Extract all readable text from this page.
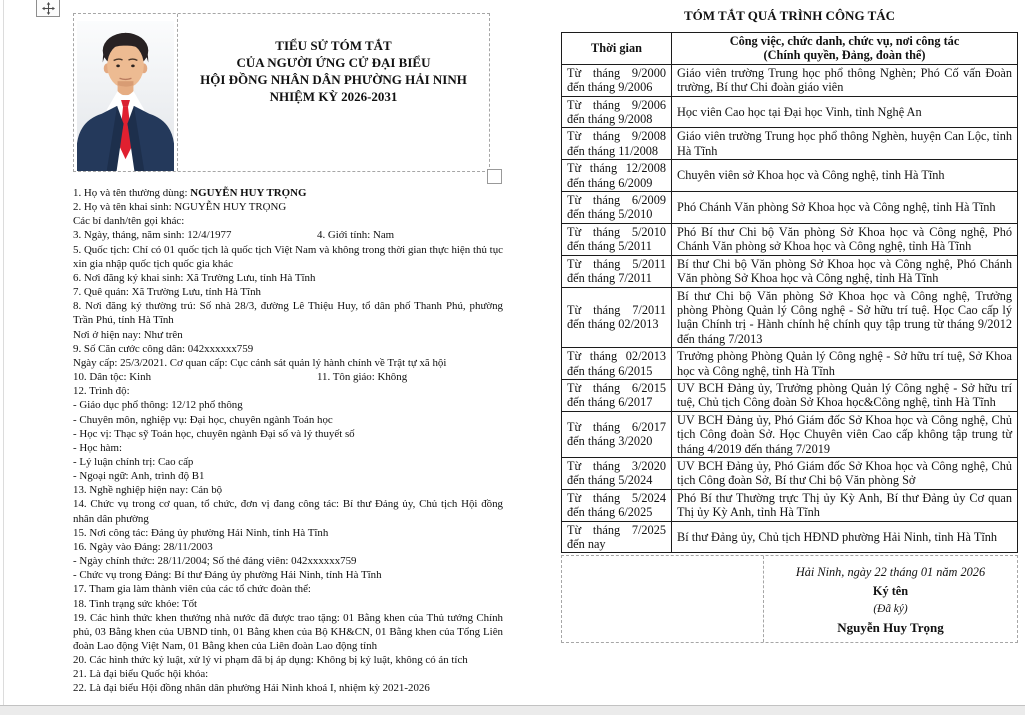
TIỂU SỬ TÓM TẮT
CỦA NGƯỜI ỨNG CỬ ĐẠI BIỂU
HỘI ĐỒNG NHÂN DÂN PHƯỜNG HẢI NINH
NHIỆM KỲ 2026-2031
1. Họ và tên thường dùng: NGUYỄN HUY TRỌNG
2. Họ và tên khai sinh: NGUYỄN HUY TRỌNG
Các bí danh/tên gọi khác:
3. Ngày, tháng, năm sinh: 12/4/1977	4. Giới tính: Nam
5. Quốc tịch: Chỉ có 01 quốc tịch là quốc tịch Việt Nam và không trong thời gian thực hiện thủ tục xin gia nhập quốc tịch quốc gia khác
6. Nơi đăng ký khai sinh: Xã Trường Lưu, tỉnh Hà Tĩnh
7. Quê quán: Xã Trường Lưu, tỉnh Hà Tĩnh
8. Nơi đăng ký thường trú: Số nhà 28/3, đường Lê Thiệu Huy, tổ dân phố Thanh Phú, phường Trần Phú, tỉnh Hà Tĩnh
Nơi ở hiện nay: Như trên
9. Số Căn cước công dân: 042xxxxxx759
Ngày cấp: 25/3/2021. Cơ quan cấp: Cục cảnh sát quản lý hành chính về Trật tự xã hội
10. Dân tộc: Kinh	11. Tôn giáo: Không
12. Trình độ:
- Giáo dục phổ thông: 12/12 phổ thông
- Chuyên môn, nghiệp vụ: Đại học, chuyên ngành Toán học
- Học vị: Thạc sỹ Toán học, chuyên ngành Đại số và lý thuyết số
- Học hàm:
- Lý luận chính trị: Cao cấp
- Ngoại ngữ: Anh, trình độ B1
13. Nghề nghiệp hiện nay: Cán bộ
14. Chức vụ trong cơ quan, tổ chức, đơn vị đang công tác: Bí thư Đảng ủy, Chủ tịch Hội đồng nhân dân phường
15. Nơi công tác: Đảng ủy phường Hải Ninh, tỉnh Hà Tĩnh
16. Ngày vào Đảng: 28/11/2003
- Ngày chính thức: 28/11/2004; Số thẻ đảng viên: 042xxxxxx759
- Chức vụ trong Đảng: Bí thư Đảng ủy phường Hải Ninh, tỉnh Hà Tĩnh
17. Tham gia làm thành viên của các tổ chức đoàn thể:
18. Tình trạng sức khỏe: Tốt
19. Các hình thức khen thưởng nhà nước đã được trao tặng: 01 Bằng khen của Thủ tướng Chính phủ, 03 Bằng khen của UBND tỉnh, 01 Bằng khen của Bộ KH&CN, 01 Bằng khen của Tổng Liên đoàn Lao động Việt Nam, 01 Bằng khen của Liên đoàn Lao động tỉnh
20. Các hình thức kỷ luật, xử lý vi phạm đã bị áp dụng: Không bị kỷ luật, không có án tích
21. Là đại biểu Quốc hội khóa:
22. Là đại biểu Hội đồng nhân dân phường Hải Ninh khoá I, nhiệm kỳ 2021-2026
TÓM TẮT QUÁ TRÌNH CÔNG TÁC
Thời gian	Công việc, chức danh, chức vụ, nơi công tác
(Chính quyền, Đảng, đoàn thể)

Từ tháng 9/2000
đến tháng 9/2006	Giáo viên trường Trung học phổ thông Nghèn; Phó Cố vấn Đoàn trường, Bí thư Chi đoàn giáo viên

Từ tháng 9/2006
đến tháng 9/2008	Học viên Cao học tại Đại học Vinh, tỉnh Nghệ An

Từ tháng 9/2008
đến tháng 11/2008	Giáo viên trường Trung học phổ thông Nghèn, huyện Can Lộc, tỉnh Hà Tĩnh

Từ tháng 12/2008
đến tháng 6/2009	Chuyên viên sở Khoa học và Công nghệ, tỉnh Hà Tĩnh

Từ tháng 6/2009
đến tháng 5/2010	Phó Chánh Văn phòng Sở Khoa học và Công nghệ, tỉnh Hà Tĩnh

Từ tháng 5/2010
đến tháng 5/2011	Phó Bí thư Chi bộ Văn phòng Sở Khoa học và Công nghệ, Phó Chánh Văn phòng sở Khoa học và Công nghệ, tỉnh Hà Tĩnh

Từ tháng 5/2011
đến tháng 7/2011	Bí thư Chi bộ Văn phòng Sở Khoa học và Công nghệ, Phó Chánh Văn phòng Sở Khoa học và Công nghệ, tỉnh Hà Tĩnh

Từ tháng 7/2011
đến tháng 02/2013	Bí thư Chi bộ Văn phòng Sở Khoa học và Công nghệ, Trưởng phòng Phòng Quản lý Công nghệ - Sở hữu trí tuệ. Học Cao cấp lý luận Chính trị - Hành chính hệ chính quy tập trung từ tháng 9/2012 đến tháng 7/2013

Từ tháng 02/2013
đến tháng 6/2015	Trưởng phòng Phòng Quản lý Công nghệ - Sở hữu trí tuệ, Sở Khoa học và Công nghệ, tỉnh Hà Tĩnh

Từ tháng 6/2015
đến tháng 6/2017	UV BCH Đảng ủy, Trưởng phòng Quản lý Công nghệ - Sở hữu trí tuệ, Chủ tịch Công đoàn Sở Khoa học&Công nghệ, tỉnh Hà Tĩnh

Từ tháng 6/2017
đến tháng 3/2020	UV BCH Đảng ủy, Phó Giám đốc Sở Khoa học và Công nghệ, Chủ tịch Công đoàn Sở. Học Chuyên viên Cao cấp không tập trung từ tháng 4/2019 đến tháng 7/2019

Từ tháng 3/2020
đến tháng 5/2024	UV BCH Đảng ủy, Phó Giám đốc Sở Khoa học và Công nghệ, Chủ tịch Công đoàn Sở, Bí thư Chi bộ Văn phòng Sở

Từ tháng 5/2024
đến tháng 6/2025	Phó Bí thư Thường trực Thị ủy Kỳ Anh, Bí thư Đảng ủy Cơ quan Thị ủy Kỳ Anh, tỉnh Hà Tĩnh

Từ tháng 7/2025
đến nay	Bí thư Đảng ủy, Chủ tịch HĐND phường Hải Ninh, tỉnh Hà Tĩnh
Hải Ninh, ngày 22 tháng 01 năm 2026
Ký tên
(Đã ký)
Nguyễn Huy Trọng
